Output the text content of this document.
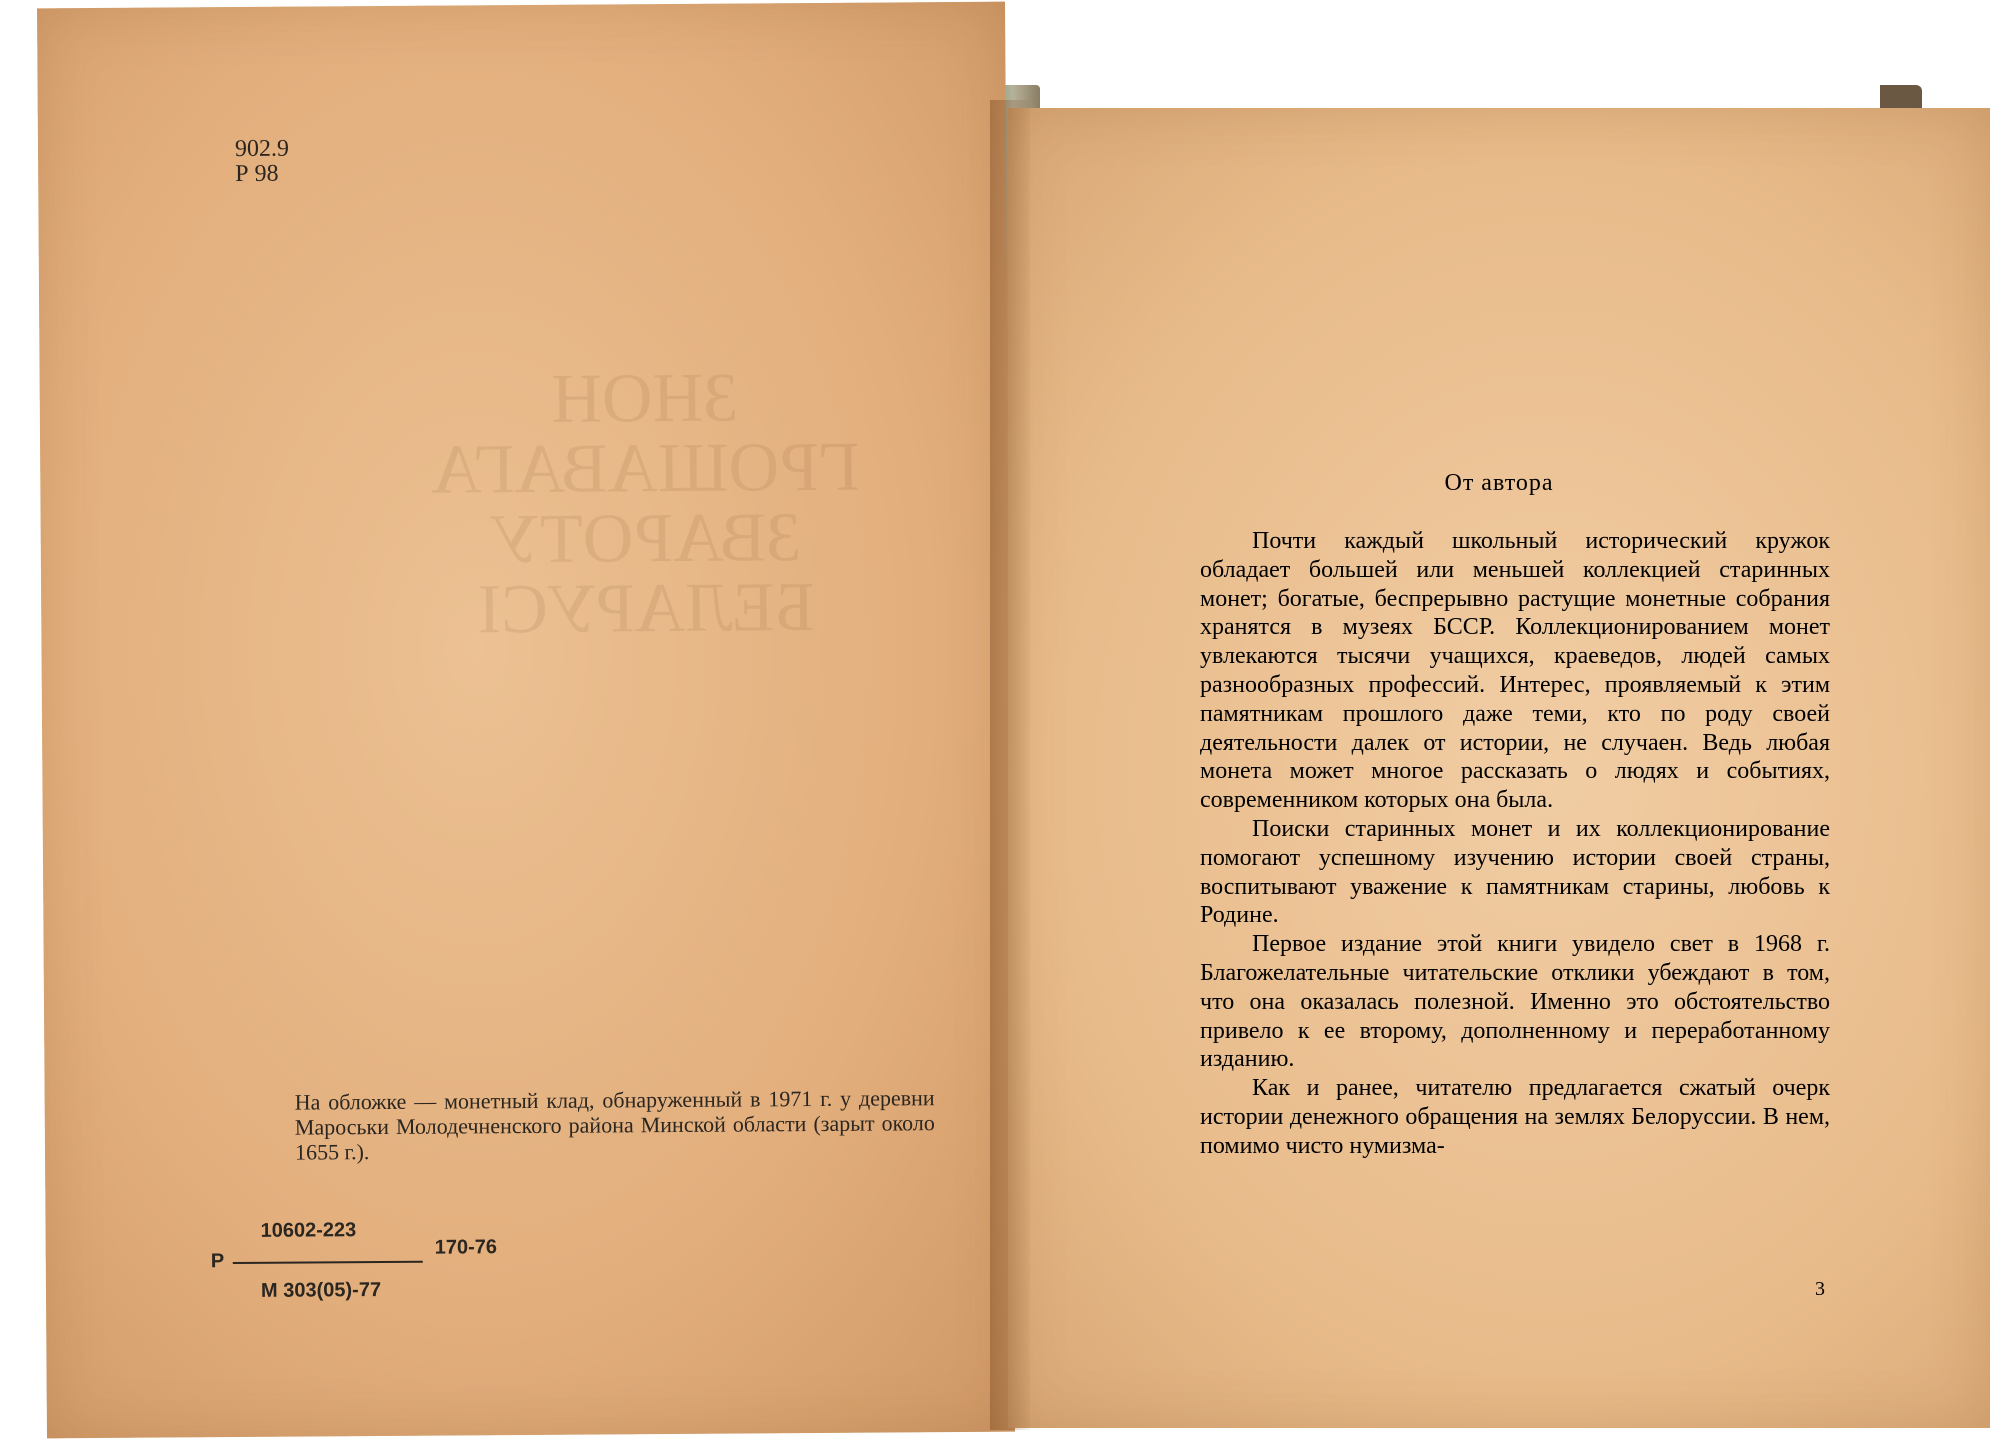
ЗНОН
ГРОШАВАГА ЗВАРОТУ
БЕЛАРУСІ
902.9
Р 98
На обложке — монетный клад, обнаруженный в 1971 г. у деревни Мароськи Молодечненского района Минской области (зарыт около 1655 г.).
10602-223
Р
170-76
М 303(05)-77
От автора

Почти каждый школьный исторический кружок обладает большей или меньшей коллекцией старинных монет; богатые, беспрерывно растущие монетные собрания хранятся в музеях БССР. Коллекционированием монет увлекаются тысячи учащихся, краеведов, людей самых разнообразных профессий. Интерес, проявляемый к этим памятникам прошлого даже теми, кто по роду своей деятельности далек от истории, не случаен. Ведь любая монета может многое рассказать о людях и событиях, современником которых она была.

Поиски старинных монет и их коллекционирование помогают успешному изучению истории своей страны, воспитывают уважение к памятникам старины, любовь к Родине.

Первое издание этой книги увидело свет в 1968 г. Благожелательные читательские отклики убеждают в том, что она оказалась полезной. Именно это обстоятельство привело к ее второму, дополненному и переработанному изданию.

Как и ранее, читателю предлагается сжатый очерк истории денежного обращения на землях Белоруссии. В нем, помимо чисто нумизма-

3
